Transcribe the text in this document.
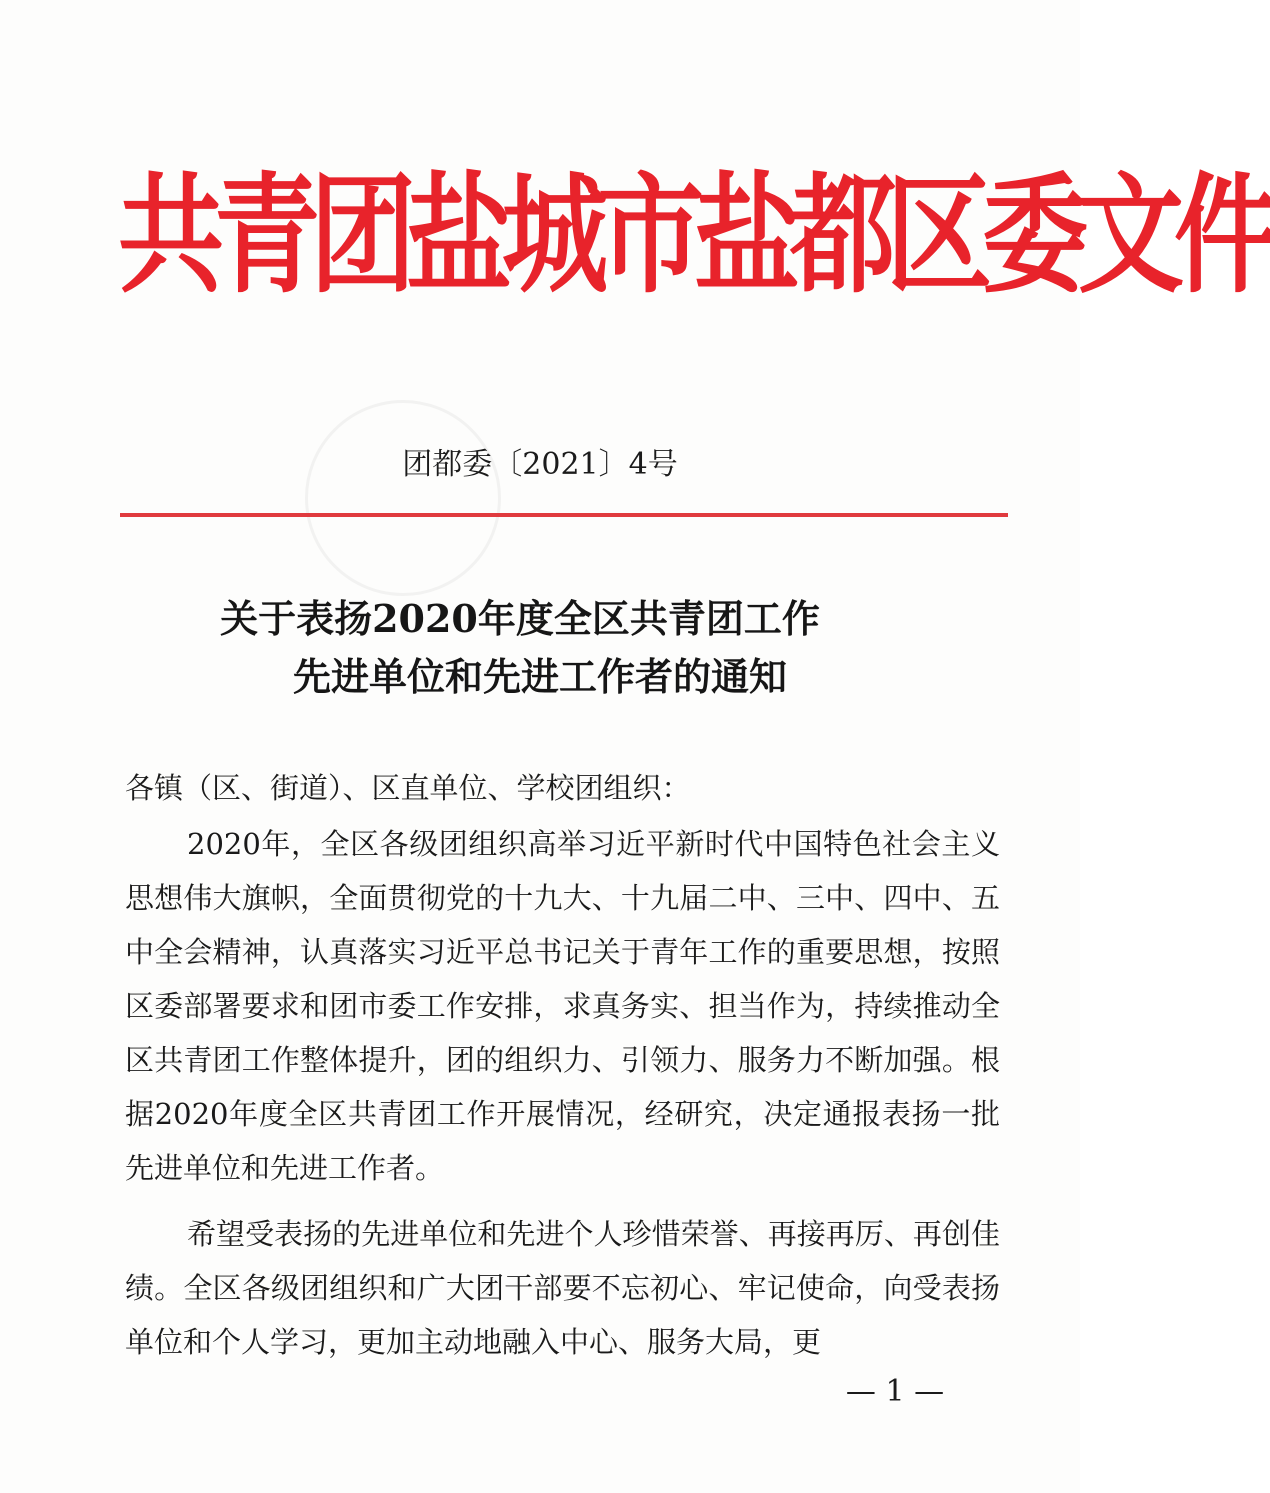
共青团盐城市盐都区委文件
团都委〔2021〕4号
关于表扬2020年度全区共青团工作
先进单位和先进工作者的通知
各镇（区、街道）、区直单位、学校团组织：
2020年，全区各级团组织高举习近平新时代中国特色社会主义思想伟大旗帜，全面贯彻党的十九大、十九届二中、三中、四中、五中全会精神，认真落实习近平总书记关于青年工作的重要思想，按照区委部署要求和团市委工作安排，求真务实、担当作为，持续推动全区共青团工作整体提升，团的组织力、引领力、服务力不断加强。根据2020年度全区共青团工作开展情况，经研究，决定通报表扬一批先进单位和先进工作者。
希望受表扬的先进单位和先进个人珍惜荣誉、再接再厉、再创佳绩。全区各级团组织和广大团干部要不忘初心、牢记使命，向受表扬单位和个人学习，更加主动地融入中心、服务大局，更
— 1 —
